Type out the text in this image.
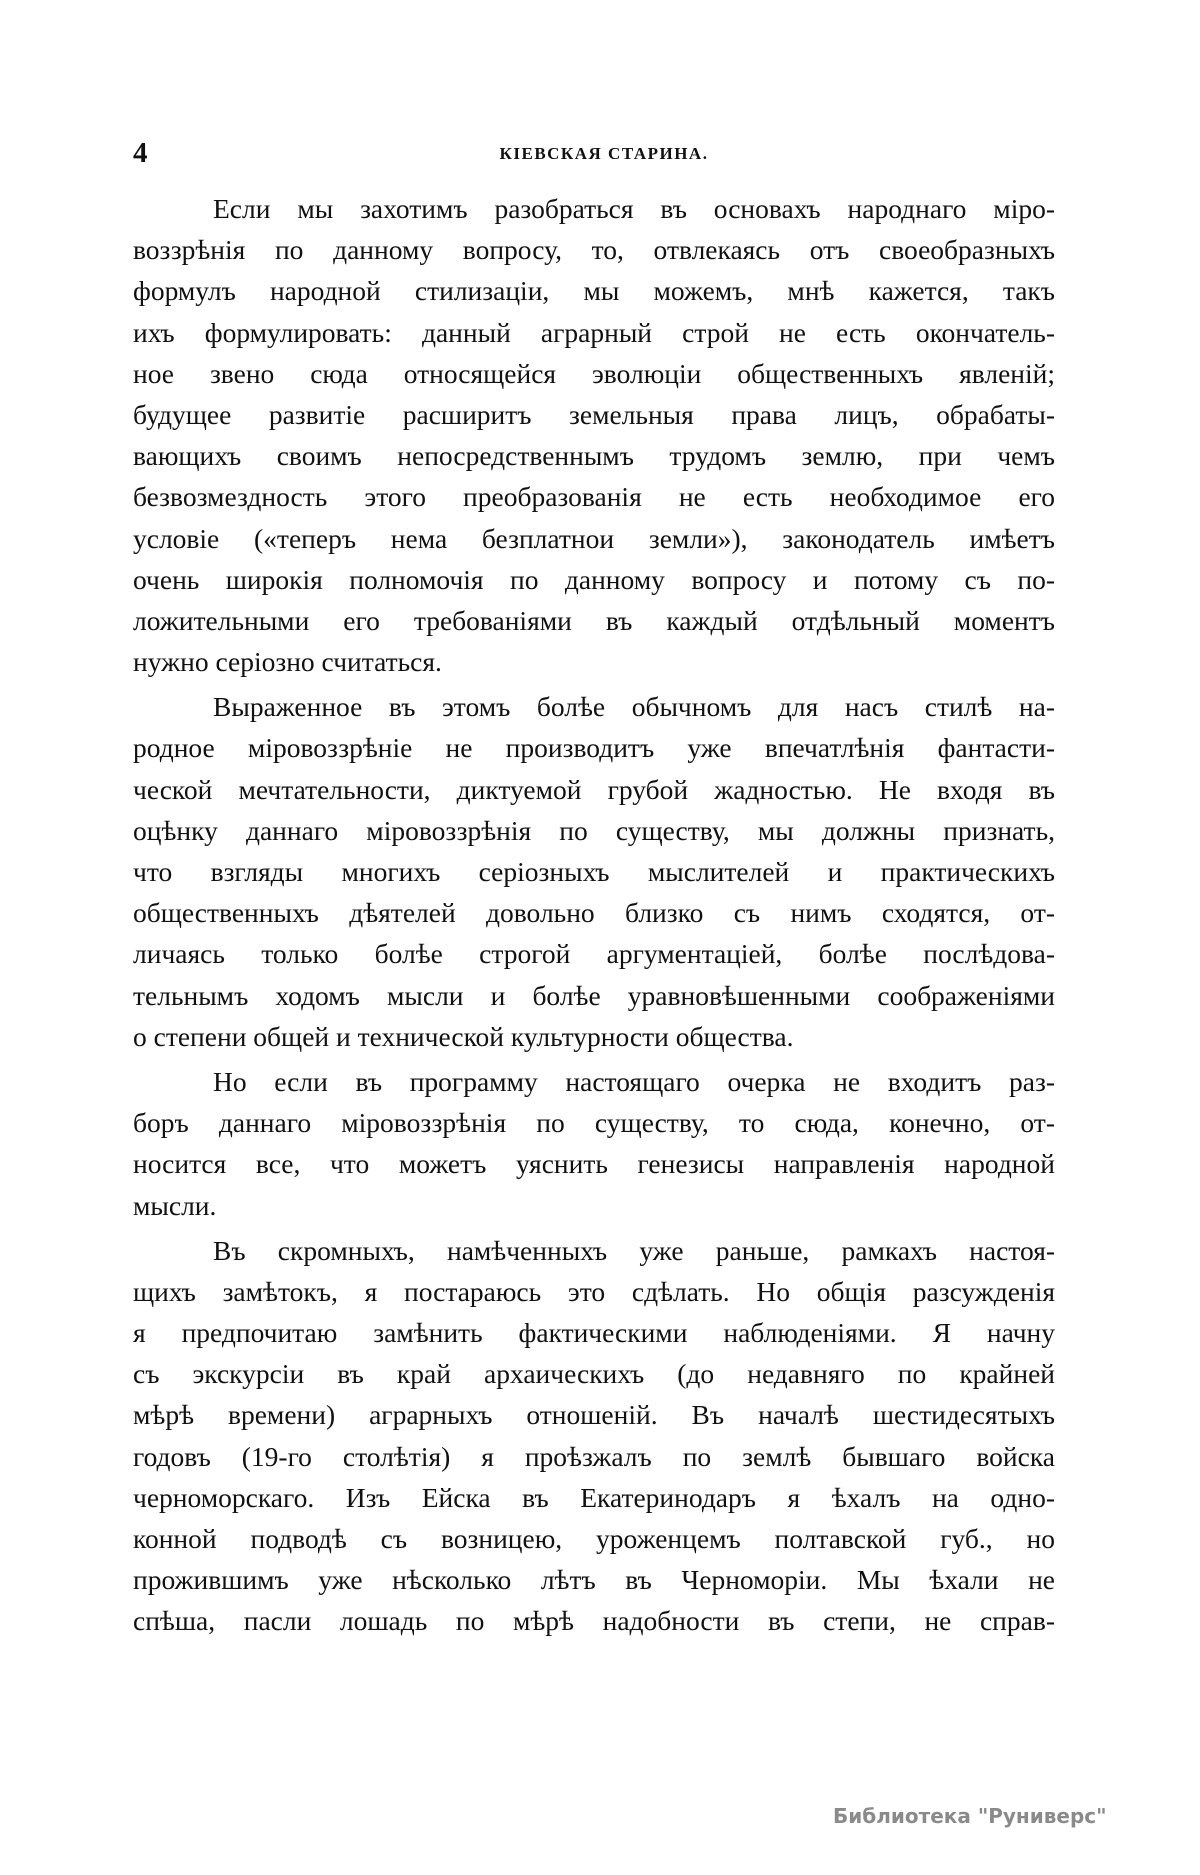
4	КІЕВСКАЯ СТАРИНА.
Если мы захотимъ разобраться въ основахъ народнаго міро-
воззрѣнія по данному вопросу, то, отвлекаясь отъ своеобразныхъ
формулъ народной стилизаціи, мы можемъ, мнѣ кажется, такъ
ихъ формулировать: данный аграрный строй не есть окончатель-
ное звено сюда относящейся эволюціи общественныхъ явленій;
будущее развитіе расширитъ земельныя права лицъ, обрабаты-
вающихъ своимъ непосредственнымъ трудомъ землю, при чемъ
безвозмездность этого преобразованія не есть необходимое его
условіе («теперъ нема безплатнои земли»), законодатель имѣетъ
очень широкія полномочія по данному вопросу и потому съ по-
ложительными его требованіями въ каждый отдѣльный моментъ
нужно серіозно считаться.
Выраженное въ этомъ болѣе обычномъ для насъ стилѣ на-
родное міровоззрѣніе не производитъ уже впечатлѣнія фантасти-
ческой мечтательности, диктуемой грубой жадностью. Не входя въ
оцѣнку даннаго міровоззрѣнія по существу, мы должны признать,
что взгляды многихъ серіозныхъ мыслителей и практическихъ
общественныхъ дѣятелей довольно близко съ нимъ сходятся, от-
личаясь только болѣе строгой аргументаціей, болѣе послѣдова-
тельнымъ ходомъ мысли и болѣе уравновѣшенными соображеніями
о степени общей и технической культурности общества.
Но если въ программу настоящаго очерка не входитъ раз-
боръ даннаго міровоззрѣнія по существу, то сюда, конечно, от-
носится все, что можетъ уяснить генезисы направленія народной
мысли.
Въ скромныхъ, намѣченныхъ уже раньше, рамкахъ настоя-
щихъ замѣтокъ, я постараюсь это сдѣлать. Но общія разсужденія
я предпочитаю замѣнить фактическими наблюденіями. Я начну
съ экскурсіи въ край архаическихъ (до недавняго по крайней
мѣрѣ времени) аграрныхъ отношеній. Въ началѣ шестидесятыхъ
годовъ (19-го столѣтія) я проѣзжалъ по землѣ бывшаго войска
черноморскаго. Изъ Ейска въ Екатеринодаръ я ѣхалъ на одно-
конной подводѣ съ возницею, уроженцемъ полтавской губ., но
прожившимъ уже нѣсколько лѣтъ въ Черноморіи. Мы ѣхали не
спѣша, пасли лошадь по мѣрѣ надобности въ степи, не справ-
Библиотека "Руниверс"
